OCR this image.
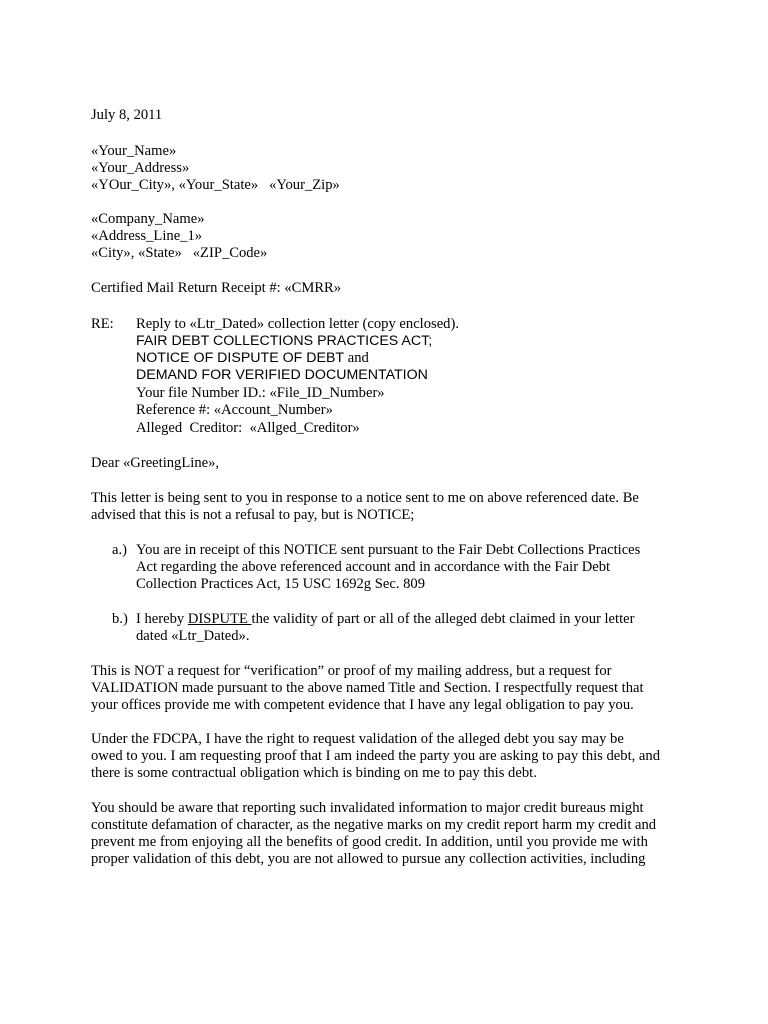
July 8, 2011
«Your_Name»
«Your_Address»
«YOur_City», «Your_State»   «Your_Zip»
«Company_Name»
«Address_Line_1»
«City», «State»   «ZIP_Code»
Certified Mail Return Receipt #: «CMRR»
RE: Reply to «Ltr_Dated» collection letter (copy enclosed).
FAIR DEBT COLLECTIONS PRACTICES ACT;
NOTICE OF DISPUTE OF DEBT and
DEMAND FOR VERIFIED DOCUMENTATION
Your file Number ID.: «File_ID_Number»
Reference #: «Account_Number»
Alleged  Creditor:  «Allged_Creditor»
Dear «GreetingLine»,
This letter is being sent to you in response to a notice sent to me on above referenced date. Be
advised that this is not a refusal to pay, but is NOTICE;
a.) You are in receipt of this NOTICE sent pursuant to the Fair Debt Collections Practices
Act regarding the above referenced account and in accordance with the Fair Debt
Collection Practices Act, 15 USC 1692g Sec. 809
b.) I hereby DISPUTE the validity of part or all of the alleged debt claimed in your letter
dated «Ltr_Dated».
This is NOT a request for “verification” or proof of my mailing address, but a request for
VALIDATION made pursuant to the above named Title and Section. I respectfully request that
your offices provide me with competent evidence that I have any legal obligation to pay you.
Under the FDCPA, I have the right to request validation of the alleged debt you say may be
owed to you. I am requesting proof that I am indeed the party you are asking to pay this debt, and
there is some contractual obligation which is binding on me to pay this debt.
You should be aware that reporting such invalidated information to major credit bureaus might
constitute defamation of character, as the negative marks on my credit report harm my credit and
prevent me from enjoying all the benefits of good credit. In addition, until you provide me with
proper validation of this debt, you are not allowed to pursue any collection activities, including
